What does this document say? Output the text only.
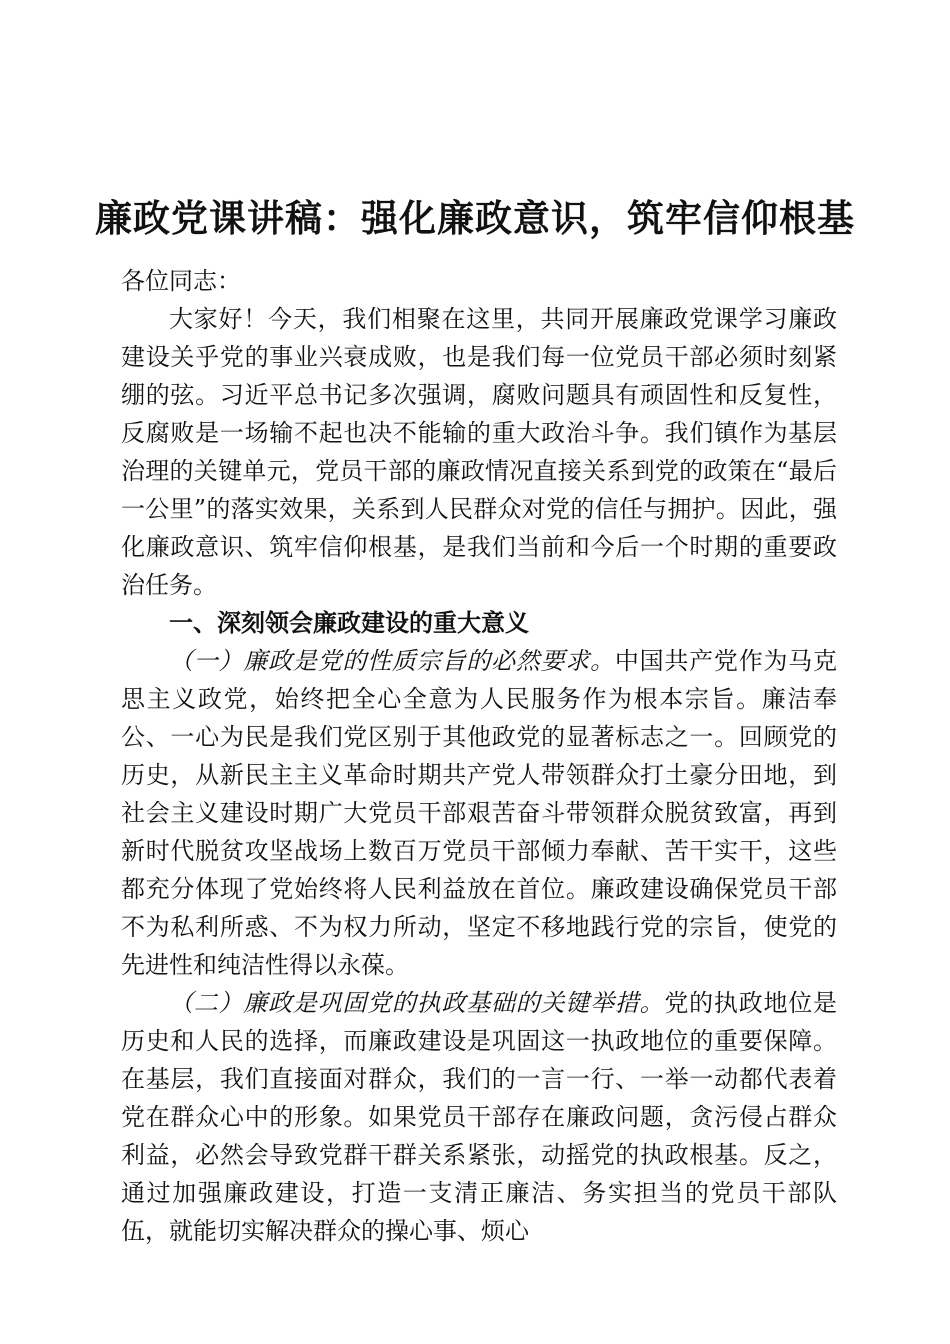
廉政党课讲稿：强化廉政意识，筑牢信仰根基

各位同志：

大家好！今天，我们相聚在这里，共同开展廉政党课学习廉政建设关乎党的事业兴衰成败，也是我们每一位党员干部必须时刻紧绷的弦。习近平总书记多次强调，腐败问题具有顽固性和反复性，反腐败是一场输不起也决不能输的重大政治斗争。我们镇作为基层治理的关键单元，党员干部的廉政情况直接关系到党的政策在“最后一公里”的落实效果，关系到人民群众对党的信任与拥护。因此，强化廉政意识、筑牢信仰根基，是我们当前和今后一个时期的重要政治任务。

一、深刻领会廉政建设的重大意义

（一）廉政是党的性质宗旨的必然要求。中国共产党作为马克思主义政党，始终把全心全意为人民服务作为根本宗旨。廉洁奉公、一心为民是我们党区别于其他政党的显著标志之一。回顾党的历史，从新民主主义革命时期共产党人带领群众打土豪分田地，到社会主义建设时期广大党员干部艰苦奋斗带领群众脱贫致富，再到新时代脱贫攻坚战场上数百万党员干部倾力奉献、苦干实干，这些都充分体现了党始终将人民利益放在首位。廉政建设确保党员干部不为私利所惑、不为权力所动，坚定不移地践行党的宗旨，使党的先进性和纯洁性得以永葆。

（二）廉政是巩固党的执政基础的关键举措。党的执政地位是历史和人民的选择，而廉政建设是巩固这一执政地位的重要保障。在基层，我们直接面对群众，我们的一言一行、一举一动都代表着党在群众心中的形象。如果党员干部存在廉政问题，贪污侵占群众利益，必然会导致党群干群关系紧张，动摇党的执政根基。反之，通过加强廉政建设，打造一支清正廉洁、务实担当的党员干部队伍，就能切实解决群众的操心事、烦心
